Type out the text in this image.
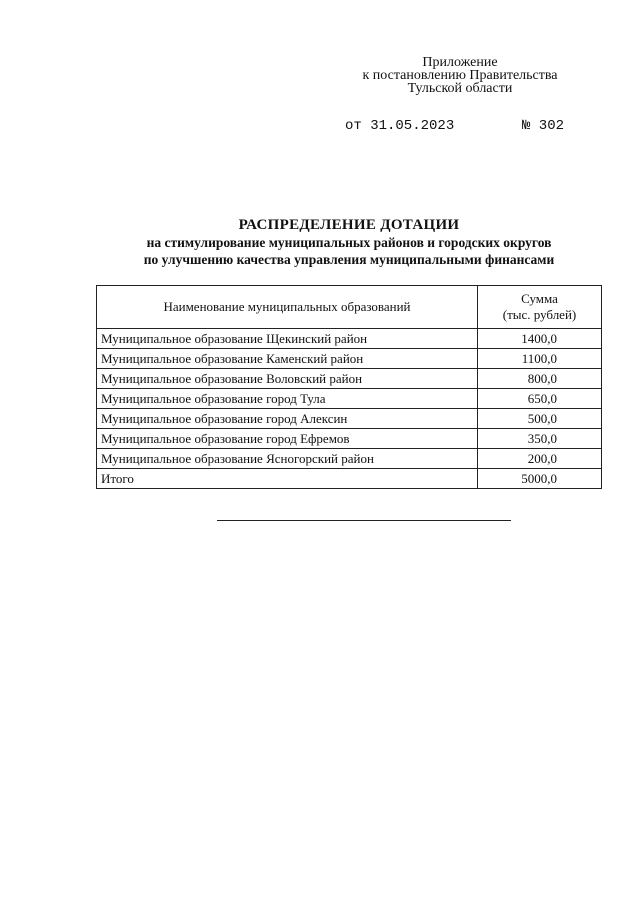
Приложение
к постановлению Правительства
Тульской области
от 31.05.2023	№ 302
РАСПРЕДЕЛЕНИЕ ДОТАЦИИ
на стимулирование муниципальных районов и городских округов
по улучшению качества управления муниципальными финансами
Наименование муниципальных образований	Сумма
(тыс. рублей)

Муниципальное образование Щекинский район	1400,0
Муниципальное образование Каменский район	1100,0
Муниципальное образование Воловский район	800,0
Муниципальное образование город Тула	650,0
Муниципальное образование город Алексин	500,0
Муниципальное образование город Ефремов	350,0
Муниципальное образование Ясногорский район	200,0
Итого	5000,0
